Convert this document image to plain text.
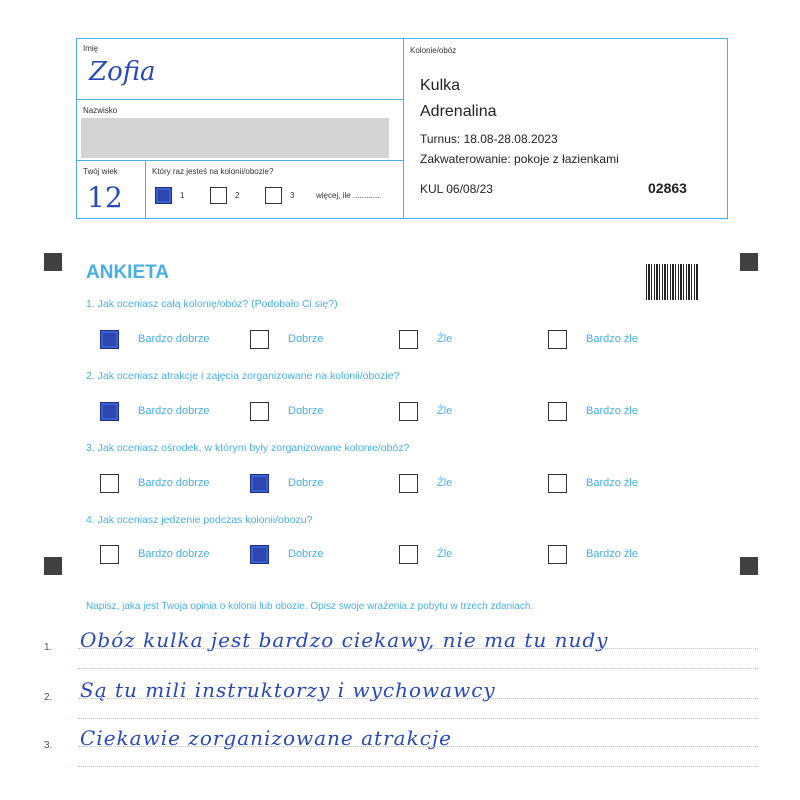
Imię
Zofia
Nazwisko
Twój wiek
12
Który raz jesteś na kolonii/obozie?
1	2	3	więcej, ile ............
Kolonie/obóz
Kulka
Adrenalina
Turnus: 18.08-28.08.2023
Zakwaterowanie: pokoje z łazienkami
KUL 06/08/23	02863
ANKIETA
1. Jak oceniasz całą kolonię/obóz? (Podobało Ci się?)
Bardzo dobrze	Dobrze	Źle	Bardzo źle
2. Jak oceniasz atrakcje i zajęcia zorganizowane na kolonii/obozie?
Bardzo dobrze	Dobrze	Źle	Bardzo źle
3. Jak oceniasz ośrodek, w którym były zorganizowane kolonie/obóz?
Bardzo dobrze	Dobrze	Źle	Bardzo źle
4. Jak oceniasz jedzenie podczas kolonii/obozu?
Bardzo dobrze	Dobrze	Źle	Bardzo źle
Napisz, jaka jest Twoja opinia o kolonii lub obozie. Opisz swoje wrażenia z pobytu w trzech zdaniach.
1. Obóz kulka jest bardzo ciekawy, nie ma tu nudy
2. Są tu mili instruktorzy i wychowawcy
3. Ciekawie zorganizowane atrakcje
